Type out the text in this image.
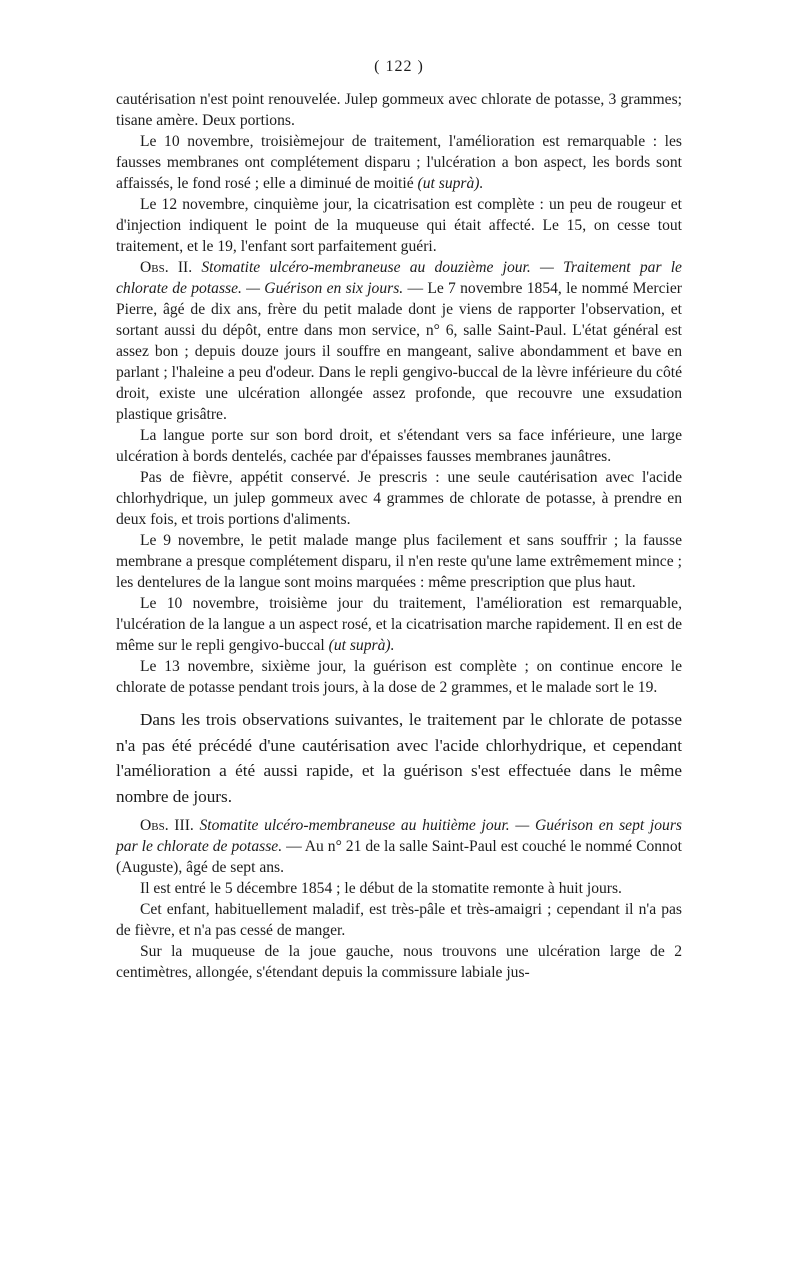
( 122 )

cautérisation n'est point renouvelée. Julep gommeux avec chlorate de potasse, 3 grammes; tisane amère. Deux portions.

Le 10 novembre, troisièmejour de traitement, l'amélioration est remarquable : les fausses membranes ont complétement disparu ; l'ulcération a bon aspect, les bords sont affaissés, le fond rosé ; elle a diminué de moitié (ut suprà).

Le 12 novembre, cinquième jour, la cicatrisation est complète : un peu de rougeur et d'injection indiquent le point de la muqueuse qui était affecté. Le 15, on cesse tout traitement, et le 19, l'enfant sort parfaitement guéri.

Obs. II. Stomatite ulcéro-membraneuse au douzième jour. — Traitement par le chlorate de potasse. — Guérison en six jours. — Le 7 novembre 1854, le nommé Mercier Pierre, âgé de dix ans, frère du petit malade dont je viens de rapporter l'observation, et sortant aussi du dépôt, entre dans mon service, n° 6, salle Saint-Paul. L'état général est assez bon ; depuis douze jours il souffre en mangeant, salive abondamment et bave en parlant ; l'haleine a peu d'odeur. Dans le repli gengivo-buccal de la lèvre inférieure du côté droit, existe une ulcération allongée assez profonde, que recouvre une exsudation plastique grisâtre.

La langue porte sur son bord droit, et s'étendant vers sa face inférieure, une large ulcération à bords dentelés, cachée par d'épaisses fausses membranes jaunâtres.

Pas de fièvre, appétit conservé. Je prescris : une seule cautérisation avec l'acide chlorhydrique, un julep gommeux avec 4 grammes de chlorate de potasse, à prendre en deux fois, et trois portions d'aliments.

Le 9 novembre, le petit malade mange plus facilement et sans souffrir ; la fausse membrane a presque complétement disparu, il n'en reste qu'une lame extrêmement mince ; les dentelures de la langue sont moins marquées : même prescription que plus haut.

Le 10 novembre, troisième jour du traitement, l'amélioration est remarquable, l'ulcération de la langue a un aspect rosé, et la cicatrisation marche rapidement. Il en est de même sur le repli gengivo-buccal (ut suprà).

Le 13 novembre, sixième jour, la guérison est complète ; on continue encore le chlorate de potasse pendant trois jours, à la dose de 2 grammes, et le malade sort le 19.

Dans les trois observations suivantes, le traitement par le chlorate de potasse n'a pas été précédé d'une cautérisation avec l'acide chlorhydrique, et cependant l'amélioration a été aussi rapide, et la guérison s'est effectuée dans le même nombre de jours.

Obs. III. Stomatite ulcéro-membraneuse au huitième jour. — Guérison en sept jours par le chlorate de potasse. — Au n° 21 de la salle Saint-Paul est couché le nommé Connot (Auguste), âgé de sept ans.

Il est entré le 5 décembre 1854 ; le début de la stomatite remonte à huit jours.

Cet enfant, habituellement maladif, est très-pâle et très-amaigri ; cependant il n'a pas de fièvre, et n'a pas cessé de manger.

Sur la muqueuse de la joue gauche, nous trouvons une ulcération large de 2 centimètres, allongée, s'étendant depuis la commissure labiale jus-
